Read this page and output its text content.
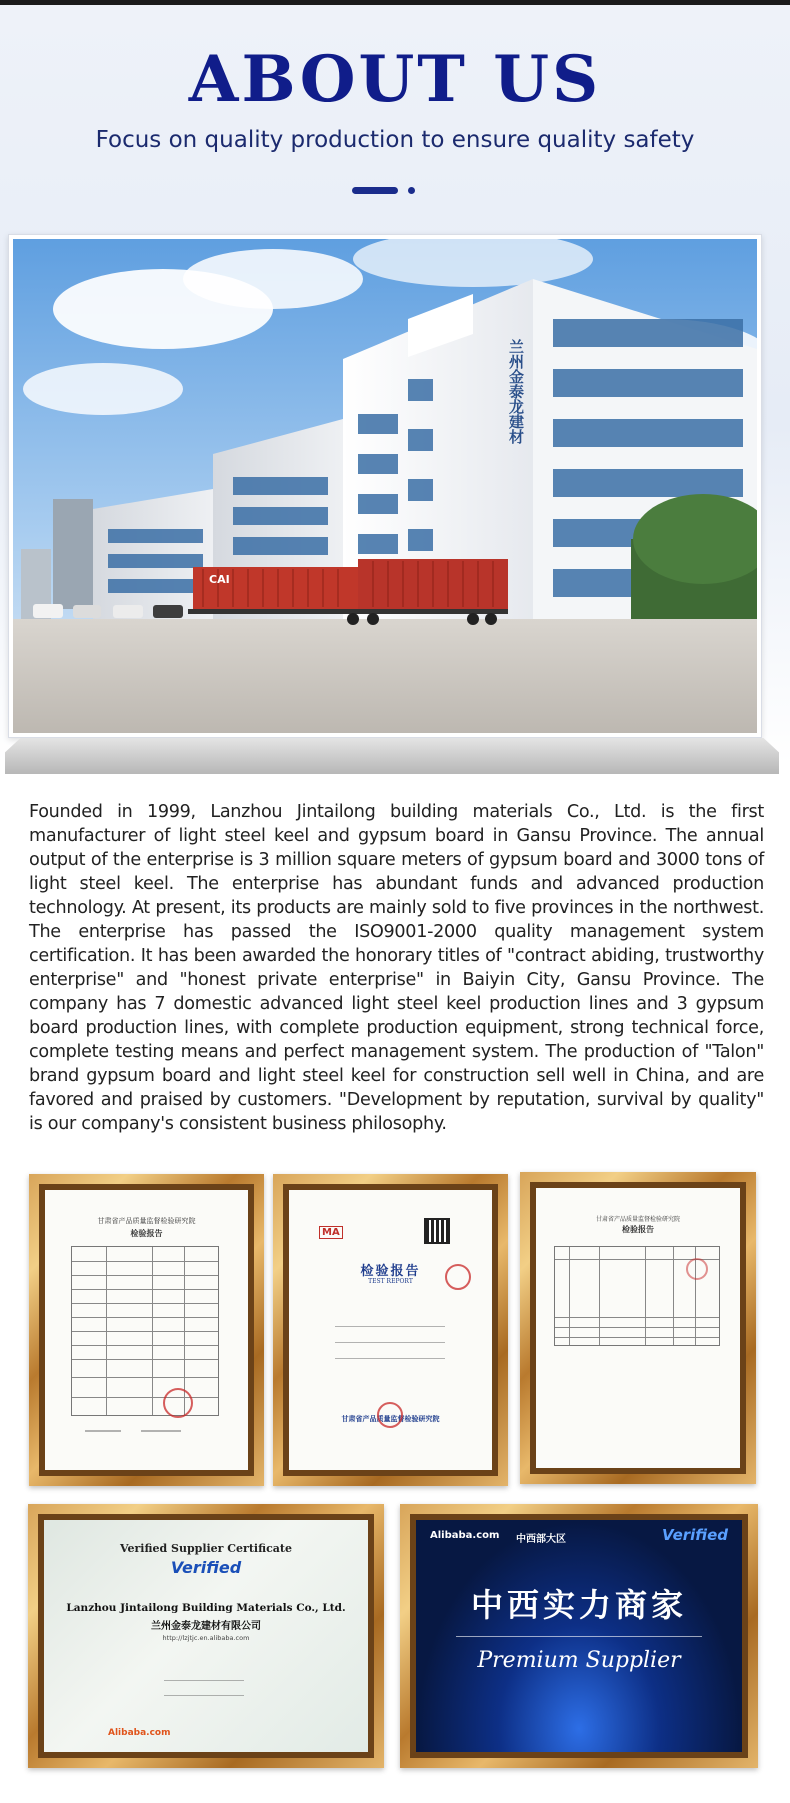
ABOUT US

Focus on quality production to ensure quality safety

兰州金泰龙建材
CAI

Founded in 1999, Lanzhou Jintailong building materials Co., Ltd. is the first manufacturer of light steel keel and gypsum board in Gansu Province. The annual output of the enterprise is 3 million square meters of gypsum board and 3000 tons of light steel keel. The enterprise has abundant funds and advanced production technology. At present, its products are mainly sold to five provinces in the northwest. The enterprise has passed the ISO9001-2000 quality management system certification. It has been awarded the honorary titles of "contract abiding, trustworthy enterprise" and "honest private enterprise" in Baiyin City, Gansu Province. The company has 7 domestic advanced light steel keel production lines and 3 gypsum board production lines, with complete production equipment, strong technical force, complete testing means and perfect management system. The production of "Talon" brand gypsum board and light steel keel for construction sell well in China, and are favored and praised by customers. "Development by reputation, survival by quality" is our company's consistent business philosophy.

甘肃省产品质量监督检验研究院
检验报告	MA
检验报告
TEST REPORT
甘肃省产品质量监督检验研究院
甘肃省产品质量监督检验研究院
检验报告
Verified Supplier Certificate
Verified
Lanzhou Jintailong Building Materials Co., Ltd.
兰州金泰龙建材有限公司
http://lzjtjc.en.alibaba.com
Alibaba.com
Alibaba.com 中西部大区	Verified
中西实力商家
Premium Supplier
